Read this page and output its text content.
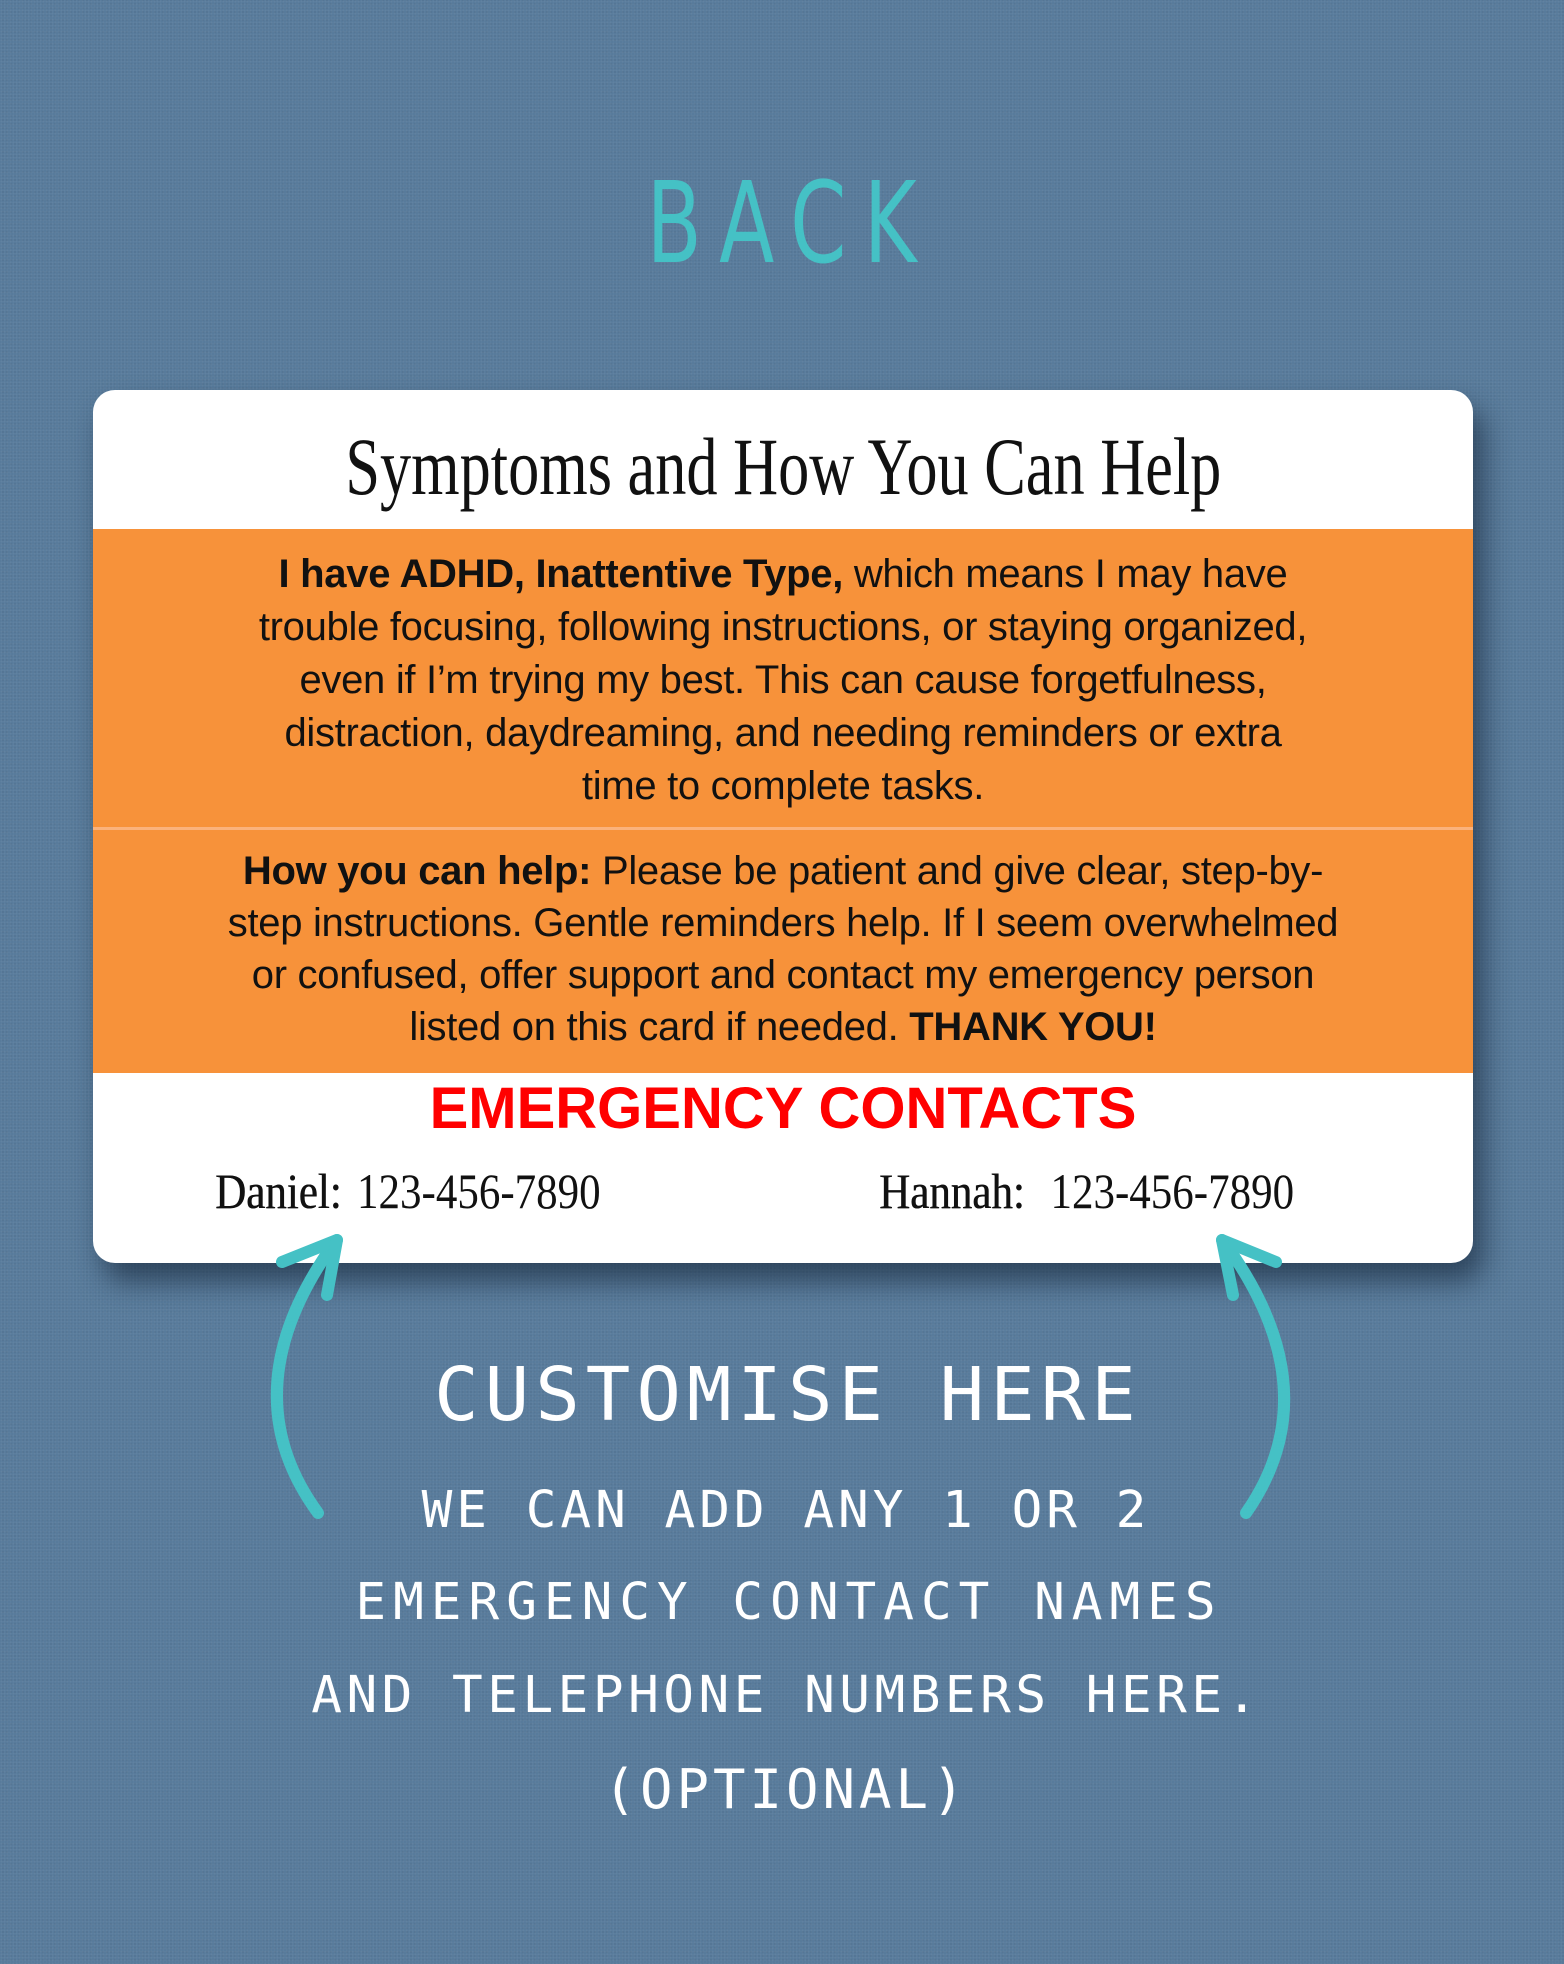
BACK
Symptoms and How You Can Help
I have ADHD, Inattentive Type, which means I may have
trouble focusing, following instructions, or staying organized,
even if I’m trying my best. This can cause forgetfulness,
distraction, daydreaming, and needing reminders or extra
time to complete tasks.
How you can help: Please be patient and give clear, step-by-
step instructions. Gentle reminders help. If I seem overwhelmed
or confused, offer support and contact my emergency person
listed on this card if needed. THANK YOU!
EMERGENCY CONTACTS
Daniel: 123-456-7890	Hannah: 123-456-7890
CUSTOMISE HERE
WE CAN ADD ANY 1 OR 2
EMERGENCY CONTACT NAMES
AND TELEPHONE NUMBERS HERE.
(OPTIONAL)
